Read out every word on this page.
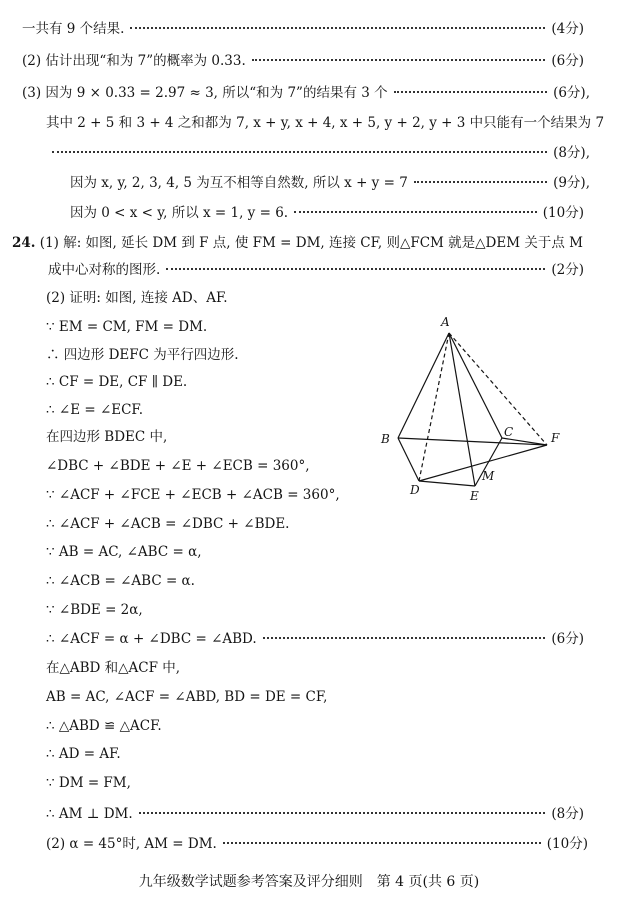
一共有 9 个结果.	(4分)
(2) 估计出现“和为 7”的概率为 0.33.	(6分)
(3) 因为 9 × 0.33 = 2.97 ≈ 3, 所以“和为 7”的结果有 3 个	(6分),
其中 2 + 5 和 3 + 4 之和都为 7, x + y, x + 4, x + 5, y + 2, y + 3 中只能有一个结果为 7
(8分),
因为 x, y, 2, 3, 4, 5 为互不相等自然数, 所以 x + y = 7	(9分),
因为 0 < x < y, 所以 x = 1, y = 6.	(10分)
24. (1) 解: 如图, 延长 DM 到 F 点, 使 FM = DM, 连接 CF, 则△FCM 就是△DEM 关于点 M
成中心对称的图形.	(2分)
(2) 证明: 如图, 连接 AD、AF.
∵ EM = CM, FM = DM.
∴ 四边形 DEFC 为平行四边形.
∴ CF = DE, CF ∥ DE.
∴ ∠E = ∠ECF.
在四边形 BDEC 中,
∠DBC + ∠BDE + ∠E + ∠ECB = 360°,
∵ ∠ACF + ∠FCE + ∠ECB + ∠ACB = 360°,
∴ ∠ACF + ∠ACB = ∠DBC + ∠BDE.
∵ AB = AC, ∠ABC = α,
∴ ∠ACB = ∠ABC = α.
∵ ∠BDE = 2α,
∴ ∠ACF = α + ∠DBC = ∠ABD.	(6分)
在△ABD 和△ACF 中,
AB = AC, ∠ACF = ∠ABD, BD = DE = CF,
∴ △ABD ≌ △ACF.
∴ AD = AF.
∵ DM = FM,
∴ AM ⊥ DM.	(8分)
(2) α = 45°时, AM = DM.	(10分)
A
B	C	F
D
M
E
九年级数学试题参考答案及评分细则　第 4 页(共 6 页)
